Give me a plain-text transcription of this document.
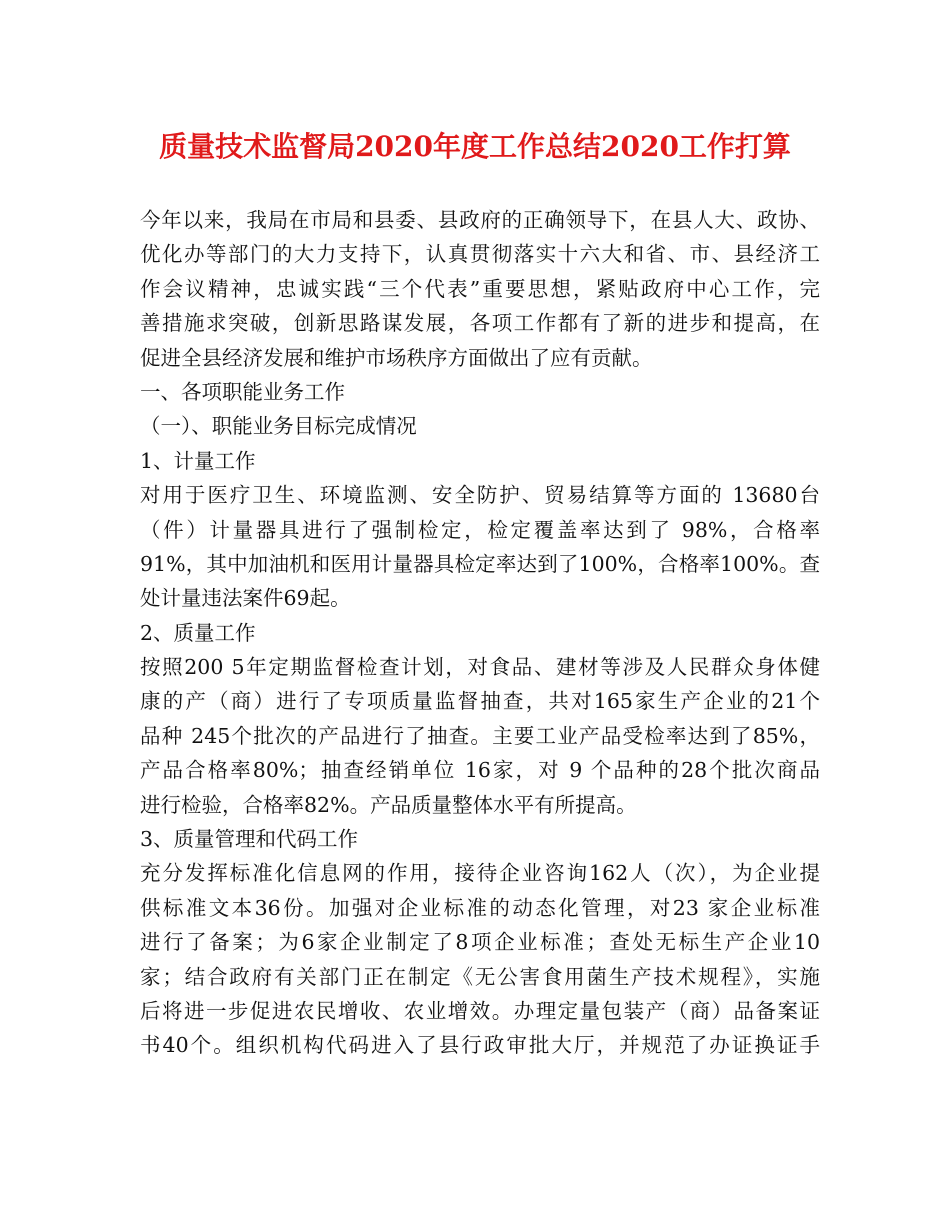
质量技术监督局2020年度工作总结2020工作打算
今年以来，我局在市局和县委、县政府的正确领导下，在县人大、政协、
优化办等部门的大力支持下，认真贯彻落实十六大和省、市、县经济工
作会议精神，忠诚实践“三个代表”重要思想，紧贴政府中心工作，完
善措施求突破，创新思路谋发展，各项工作都有了新的进步和提高，在
促进全县经济发展和维护市场秩序方面做出了应有贡献。
一、各项职能业务工作
（一）、职能业务目标完成情况
1、计量工作
对用于医疗卫生、环境监测、安全防护、贸易结算等方面的 13680台
（件）计量器具进行了强制检定，检定覆盖率达到了 98%，合格率
91%，其中加油机和医用计量器具检定率达到了100%，合格率100%。查
处计量违法案件69起。
2、质量工作
按照200 5年定期监督检查计划，对食品、建材等涉及人民群众身体健
康的产（商）进行了专项质量监督抽查，共对165家生产企业的21个
品种 245个批次的产品进行了抽查。主要工业产品受检率达到了85%，
产品合格率80%；抽查经销单位 16家，对 9 个品种的28个批次商品
进行检验，合格率82%。产品质量整体水平有所提高。
3、质量管理和代码工作
充分发挥标准化信息网的作用，接待企业咨询162人（次），为企业提
供标准文本36份。加强对企业标准的动态化管理，对23 家企业标准
进行了备案；为6家企业制定了8项企业标准；查处无标生产企业10
家；结合政府有关部门正在制定《无公害食用菌生产技术规程》，实施
后将进一步促进农民增收、农业增效。办理定量包装产（商）品备案证
书40个。组织机构代码进入了县行政审批大厅，并规范了办证换证手
